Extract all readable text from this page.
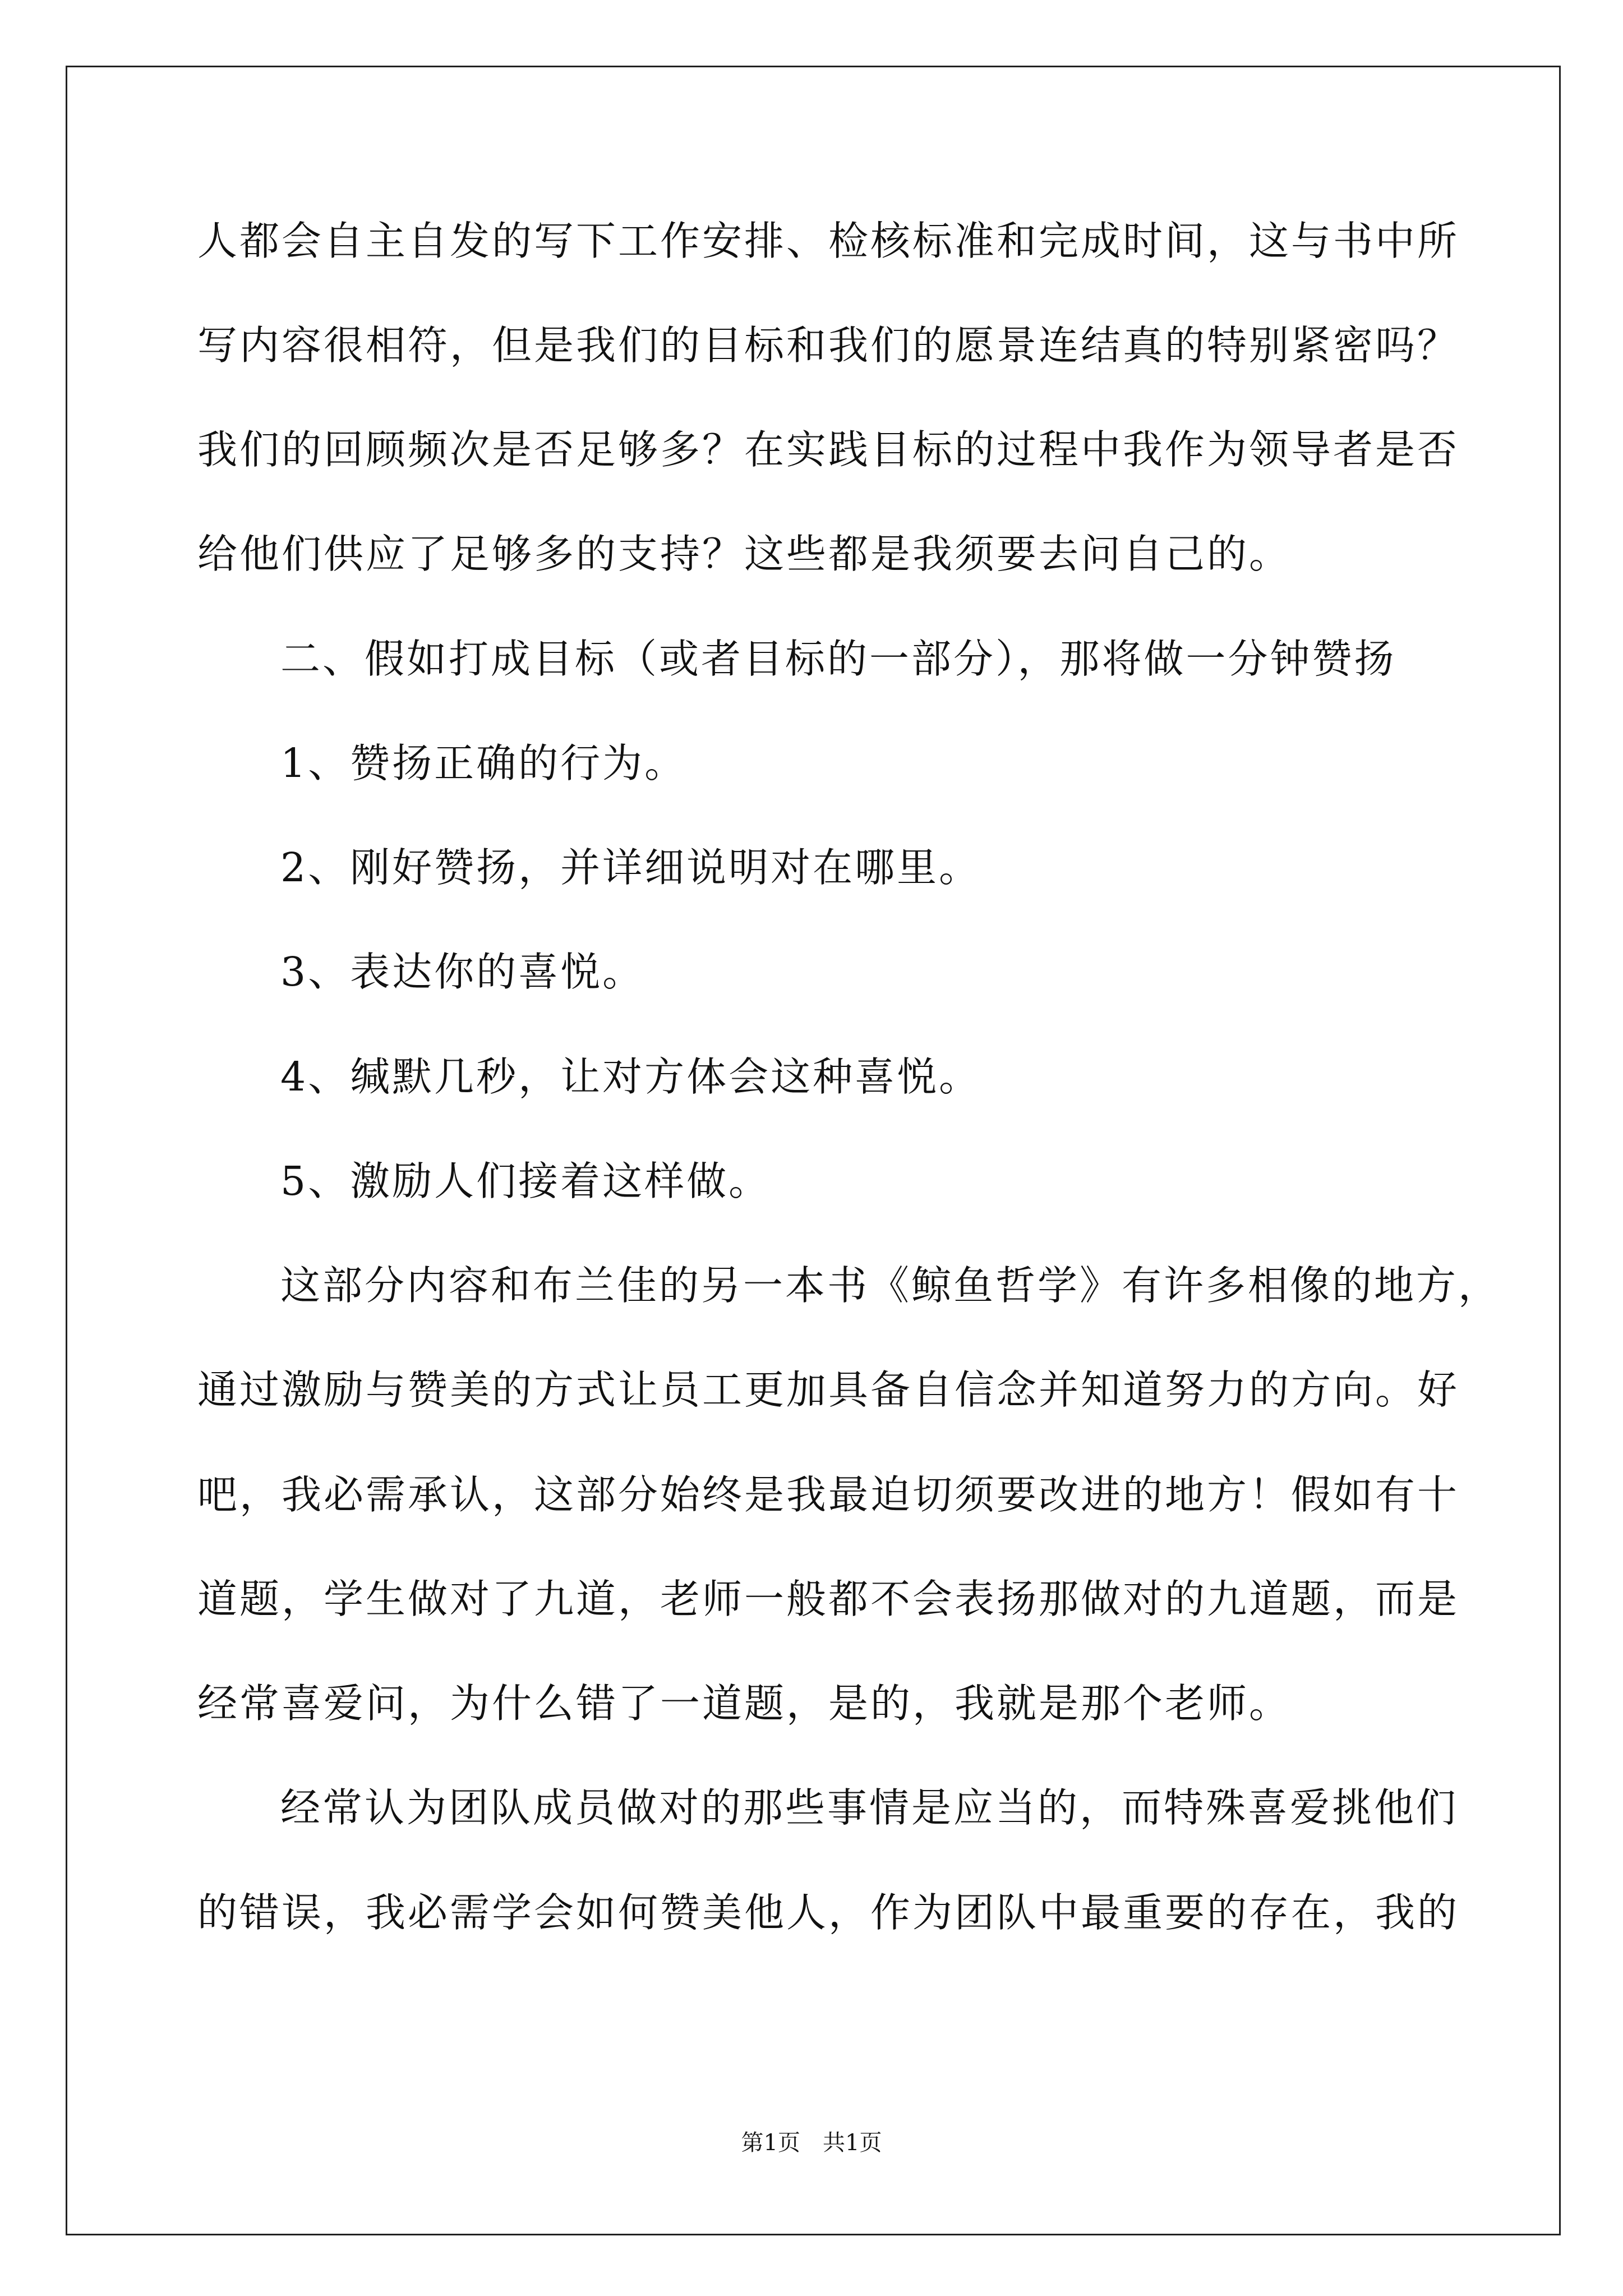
人都会自主自发的写下工作安排、检核标准和完成时间，这与书中所
写内容很相符，但是我们的目标和我们的愿景连结真的特别紧密吗？
我们的回顾频次是否足够多？在实践目标的过程中我作为领导者是否
给他们供应了足够多的支持？这些都是我须要去问自己的。
二、假如打成目标（或者目标的一部分），那将做一分钟赞扬
1、赞扬正确的行为。
2、刚好赞扬，并详细说明对在哪里。
3、表达你的喜悦。
4、缄默几秒，让对方体会这种喜悦。
5、激励人们接着这样做。
这部分内容和布兰佳的另一本书《鲸鱼哲学》有许多相像的地方，
通过激励与赞美的方式让员工更加具备自信念并知道努力的方向。好
吧，我必需承认，这部分始终是我最迫切须要改进的地方！假如有十
道题，学生做对了九道，老师一般都不会表扬那做对的九道题，而是
经常喜爱问，为什么错了一道题，是的，我就是那个老师。
经常认为团队成员做对的那些事情是应当的，而特殊喜爱挑他们
的错误，我必需学会如何赞美他人，作为团队中最重要的存在，我的
第1页　共1页
